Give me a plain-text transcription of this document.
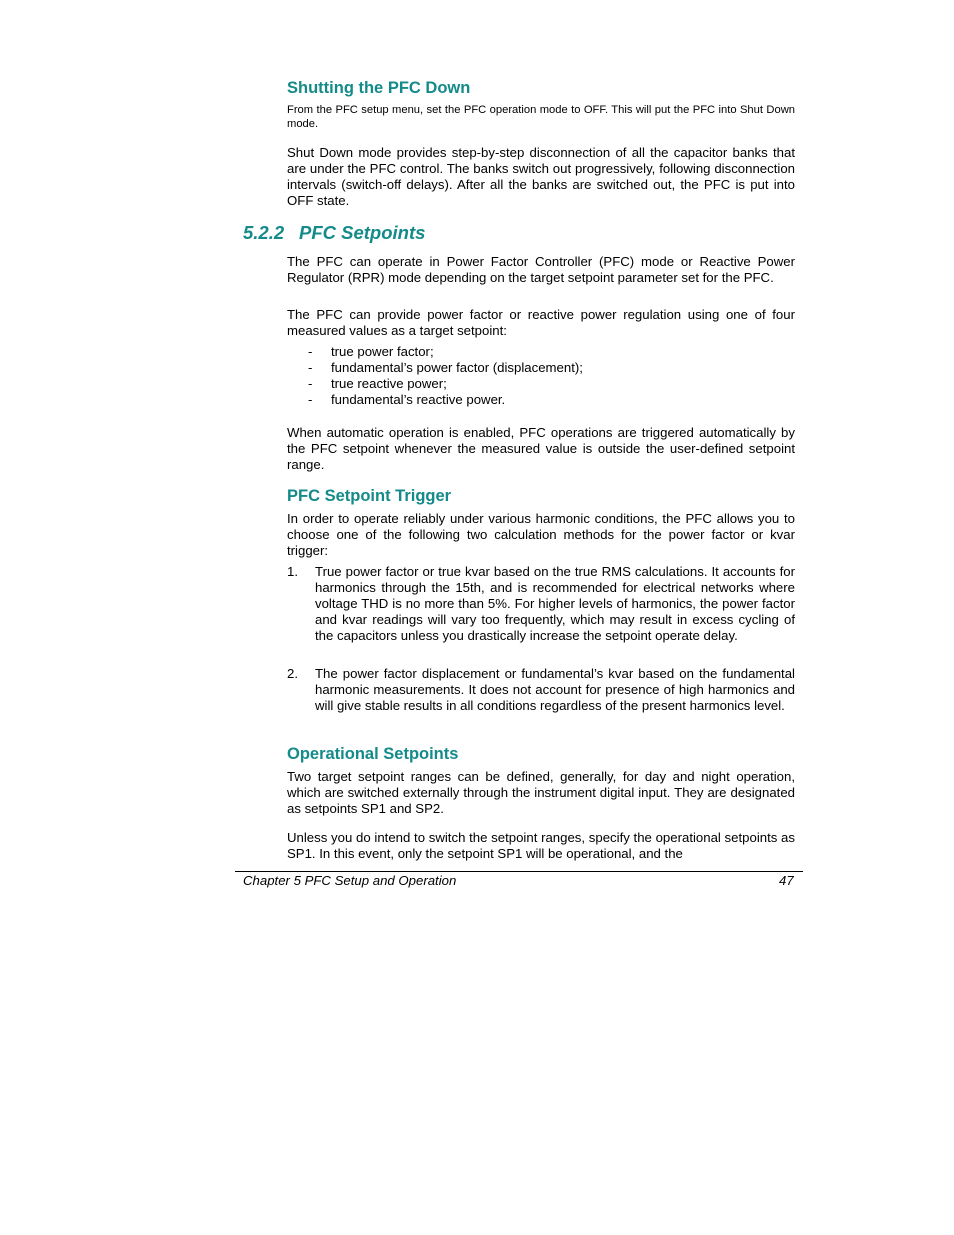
Shutting the PFC Down

From the PFC setup menu, set the PFC operation mode to OFF. This will put the PFC into Shut Down mode.

Shut Down mode provides step-by-step disconnection of all the capacitor banks that are under the PFC control. The banks switch out progressively, following disconnection intervals (switch-off delays). After all the banks are switched out, the PFC is put into OFF state.

5.2.2 PFC Setpoints

The PFC can operate in Power Factor Controller (PFC) mode or Reactive Power Regulator (RPR) mode depending on the target setpoint parameter set for the PFC.

The PFC can provide power factor or reactive power regulation using one of four measured values as a target setpoint:

- true power factor;
- fundamental’s power factor (displacement);
- true reactive power;
- fundamental’s reactive power.

When automatic operation is enabled, PFC operations are triggered automatically by the PFC setpoint whenever the measured value is outside the user-defined setpoint range.

PFC Setpoint Trigger

In order to operate reliably under various harmonic conditions, the PFC allows you to choose one of the following two calculation methods for the power factor or kvar trigger:

1. True power factor or true kvar based on the true RMS calculations. It accounts for harmonics through the 15th, and is recommended for electrical networks where voltage THD is no more than 5%. For higher levels of harmonics, the power factor and kvar readings will vary too frequently, which may result in excess cycling of the capacitors unless you drastically increase the setpoint operate delay.

2. The power factor displacement or fundamental’s kvar based on the fundamental harmonic measurements. It does not account for presence of high harmonics and will give stable results in all conditions regardless of the present harmonics level.

Operational Setpoints

Two target setpoint ranges can be defined, generally, for day and night operation, which are switched externally through the instrument digital input. They are designated as setpoints SP1 and SP2.

Unless you do intend to switch the setpoint ranges, specify the operational setpoints as SP1. In this event, only the setpoint SP1 will be operational, and the

Chapter 5 PFC Setup and Operation	47
